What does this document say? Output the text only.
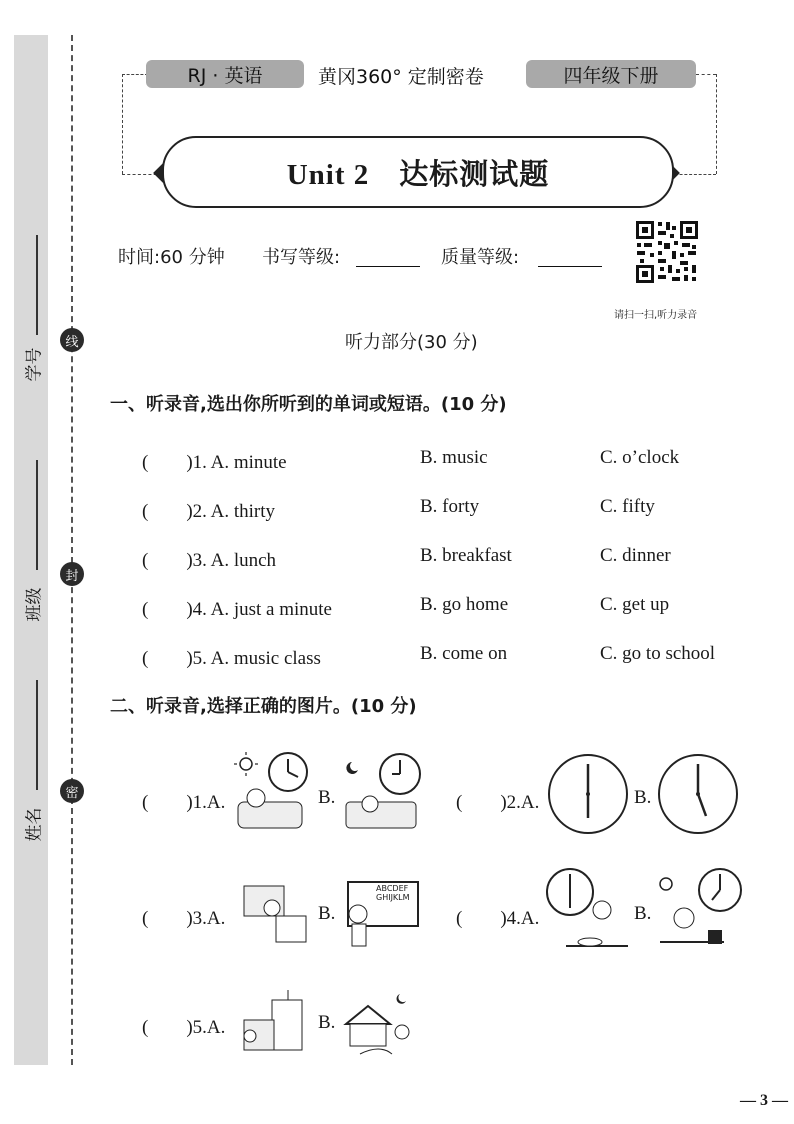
线
封
密
学号
班级
姓名
RJ · 英语	黄冈360° 定制密卷	四年级下册
Unit 2　达标测试题
时间:60 分钟 书写等级:	质量等级:
请扫一扫,听力录音
听力部分(30 分)
一、听录音,选出你所听到的单词或短语。(10 分)
(　　)1. A. minute	B. music	C. o’clock
(　　)2. A. thirty	B. forty	C. fifty
(　　)3. A. lunch	B. breakfast	C. dinner
(　　)4. A. just a minute	B. go home	C. get up
(　　)5. A. music class	B. come on	C. go to school
二、听录音,选择正确的图片。(10 分)
(　　)1.A.	B.	(　　)2.A.	B.
(　　)3.A.	B.
ABCDEF GHIJKLM
(　　)4.A.	B.
(　　)5.A.	B.
— 3 —
